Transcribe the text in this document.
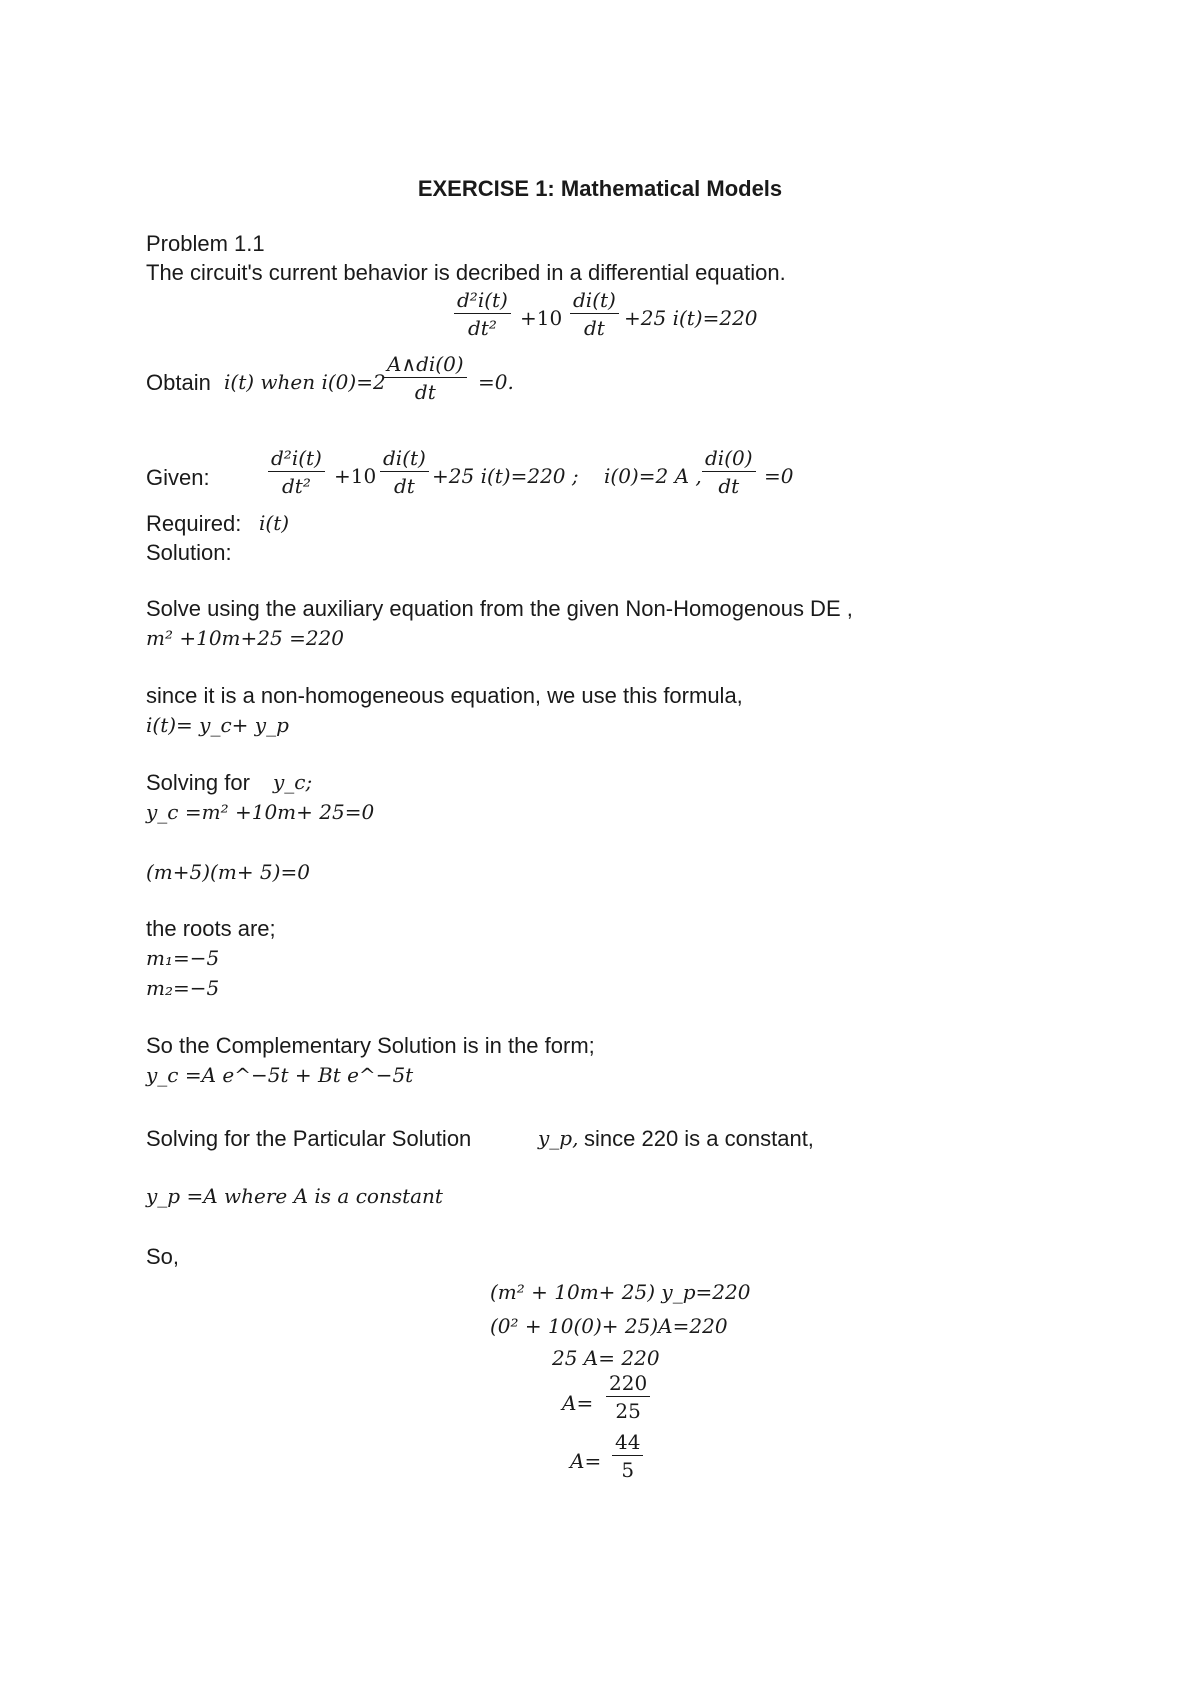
EXERCISE 1: Mathematical Models
Problem 1.1
The circuit's current behavior is decribed in a differential equation.
$\frac{\text{d²i(t)}}{\text{dt²}} +10 \frac{di(t)}{dt} +25$ i(t)=220
Obtain i(t) when i(0)=2
$\frac{A\wedge di(0)}{dt} =0$.
Given:	$\frac{\text{d²i(t)}}{\text{dt²}} +10 \frac{di(t)}{dt} +25$ i(t)=220 ; i(0)=2 A , $\frac{di(0)}{dt} =0$
Required: i(t)
Solution:
Solve using the auxiliary equation from the given Non-Homogenous DE ,
m² +10m+25 =220
since it is a non-homogeneous equation, we use this formula,
i(t)= y_c+ y_p
Solving for y_c;
y_c =m² +10m+ 25=0
(m+5)(m+ 5)=0
the roots are;
m₁=−5
m₂=−5
So the Complementary Solution is in the form;
y_c =A e^−5t + Bt e^−5t
Solving for the Particular Solution	y_p, since 220 is a constant,
y_p =A where A is a constant
So,
(m² + 10m+ 25) y_p=220
(0² + 10(0)+ 25)A=220
25 A= 220
$A= \frac{220}{25}$
$A= \frac{44}{5}$
